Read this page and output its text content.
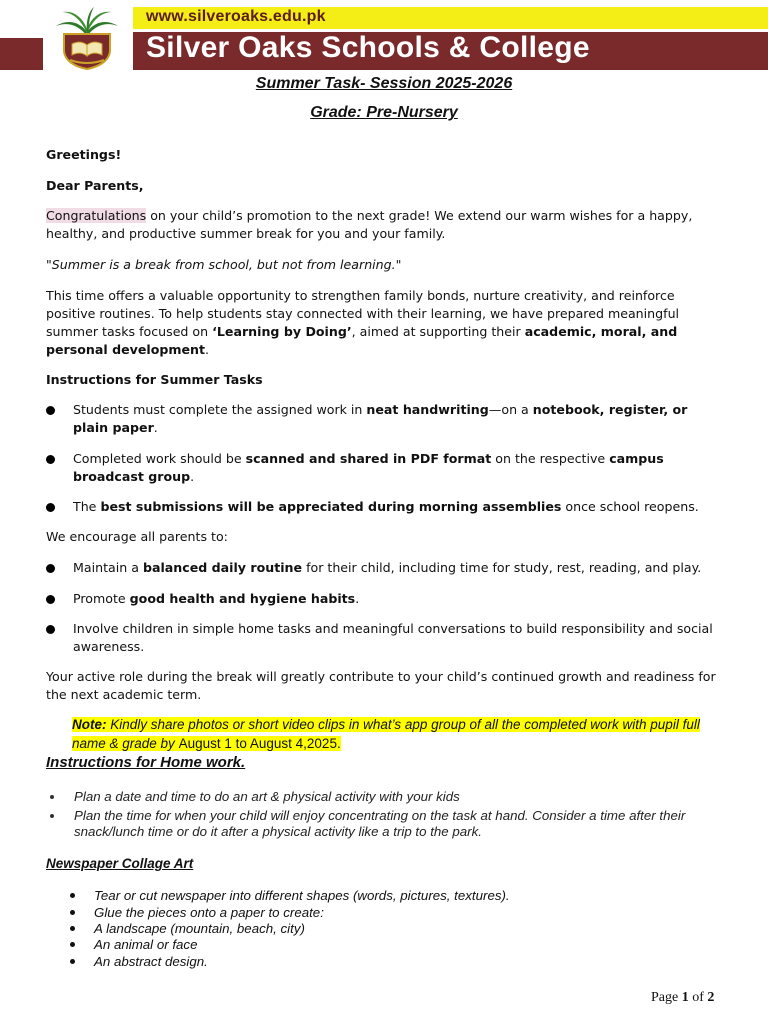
www.silveroaks.edu.pk
Silver Oaks Schools & College
Summer Task- Session 2025-2026
Grade: Pre-Nursery
Greetings!
Dear Parents,
Congratulations on your child’s promotion to the next grade! We extend our warm wishes for a happy, healthy, and productive summer break for you and your family.
"Summer is a break from school, but not from learning."
This time offers a valuable opportunity to strengthen family bonds, nurture creativity, and reinforce positive routines. To help students stay connected with their learning, we have prepared meaningful summer tasks focused on ‘Learning by Doing’, aimed at supporting their academic, moral, and personal development.
Instructions for Summer Tasks
Students must complete the assigned work in neat handwriting—on a notebook, register, or plain paper.
Completed work should be scanned and shared in PDF format on the respective campus broadcast group.
The best submissions will be appreciated during morning assemblies once school reopens.
We encourage all parents to:
Maintain a balanced daily routine for their child, including time for study, rest, reading, and play.
Promote good health and hygiene habits.
Involve children in simple home tasks and meaningful conversations to build responsibility and social awareness.
Your active role during the break will greatly contribute to your child’s continued growth and readiness for the next academic term.
Note: Kindly share photos or short video clips in what’s app group of all the completed work with pupil full name & grade by August 1 to August 4,2025.
Instructions for Home work.
Plan a date and time to do an art & physical activity with your kids
Plan the time for when your child will enjoy concentrating on the task at hand. Consider a time after their snack/lunch time or do it after a physical activity like a trip to the park.
Newspaper Collage Art
Tear or cut newspaper into different shapes (words, pictures, textures).
Glue the pieces onto a paper to create:
A landscape (mountain, beach, city)
An animal or face
An abstract design.
Page 1 of 2
